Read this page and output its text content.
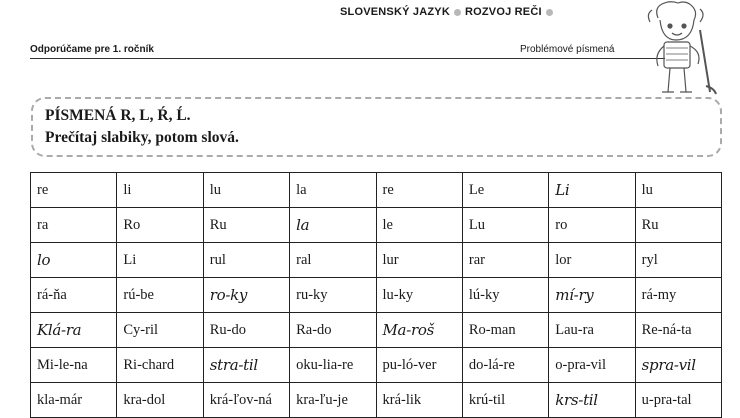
SLOVENSKÝ JAZYK ROZVOJ REČI
Odporúčame pre 1. ročník	Problémové písmená
PÍSMENÁ R, L, Ŕ, Ĺ.
Prečítaj slabiky, potom slová.
re	li	lu	la	re	Le	Li	lu
ra	Ro	Ru	la	le	Lu	ro	Ru
lo	Li	rul	ral	lur	rar	lor	ryl
rá-ňa	rú-be	ro-ky	ru-ky	lu-ky	lú-ky	mí-ry	rá-my
Klá-ra	Cy-ril	Ru-do	Ra-do	Ma-roš	Ro-man	Lau-ra	Re-ná-ta
Mi-le-na	Ri-chard	stra-til	oku-lia-re	pu-ló-ver	do-lá-re	o-pra-vil	spra-vil
kla-már	kra-dol	krá-ľov-ná	kra-ľu-je	krá-lik	krú-til	krs-til	u-pra-tal
